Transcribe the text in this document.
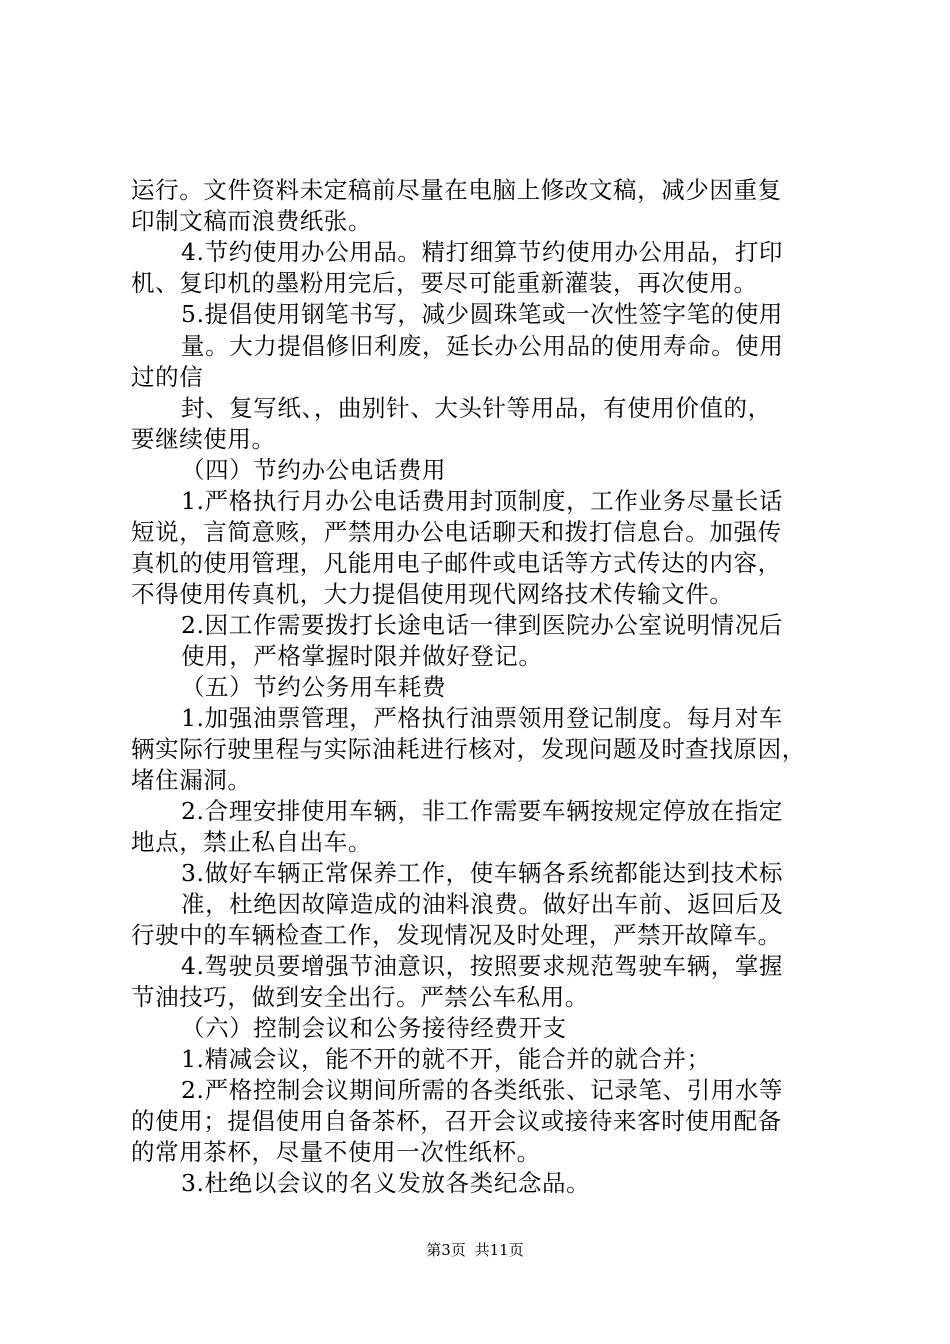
运行。文件资料未定稿前尽量在电脑上修改文稿，减少因重复
印制文稿而浪费纸张。
4.节约使用办公用品。精打细算节约使用办公用品，打印
机、复印机的墨粉用完后，要尽可能重新灌装，再次使用。
5.提倡使用钢笔书写，减少圆珠笔或一次性签字笔的使用
量。大力提倡修旧利废，延长办公用品的使用寿命。使用
过的信
封、复写纸、，曲别针、大头针等用品，有使用价值的，
要继续使用。
（四）节约办公电话费用
1.严格执行月办公电话费用封顶制度，工作业务尽量长话
短说，言简意赅，严禁用办公电话聊天和拨打信息台。加强传
真机的使用管理，凡能用电子邮件或电话等方式传达的内容，
不得使用传真机，大力提倡使用现代网络技术传输文件。
2.因工作需要拨打长途电话一律到医院办公室说明情况后
使用，严格掌握时限并做好登记。
（五）节约公务用车耗费
1.加强油票管理，严格执行油票领用登记制度。每月对车
辆实际行驶里程与实际油耗进行核对，发现问题及时查找原因，
堵住漏洞。
2.合理安排使用车辆，非工作需要车辆按规定停放在指定
地点，禁止私自出车。
3.做好车辆正常保养工作，使车辆各系统都能达到技术标
准，杜绝因故障造成的油料浪费。做好出车前、返回后及
行驶中的车辆检查工作，发现情况及时处理，严禁开故障车。
4.驾驶员要增强节油意识，按照要求规范驾驶车辆，掌握
节油技巧，做到安全出行。严禁公车私用。
（六）控制会议和公务接待经费开支
1.精减会议，能不开的就不开，能合并的就合并；
2.严格控制会议期间所需的各类纸张、记录笔、引用水等
的使用；提倡使用自备茶杯，召开会议或接待来客时使用配备
的常用茶杯，尽量不使用一次性纸杯。
3.杜绝以会议的名义发放各类纪念品。
第3页 共11页
